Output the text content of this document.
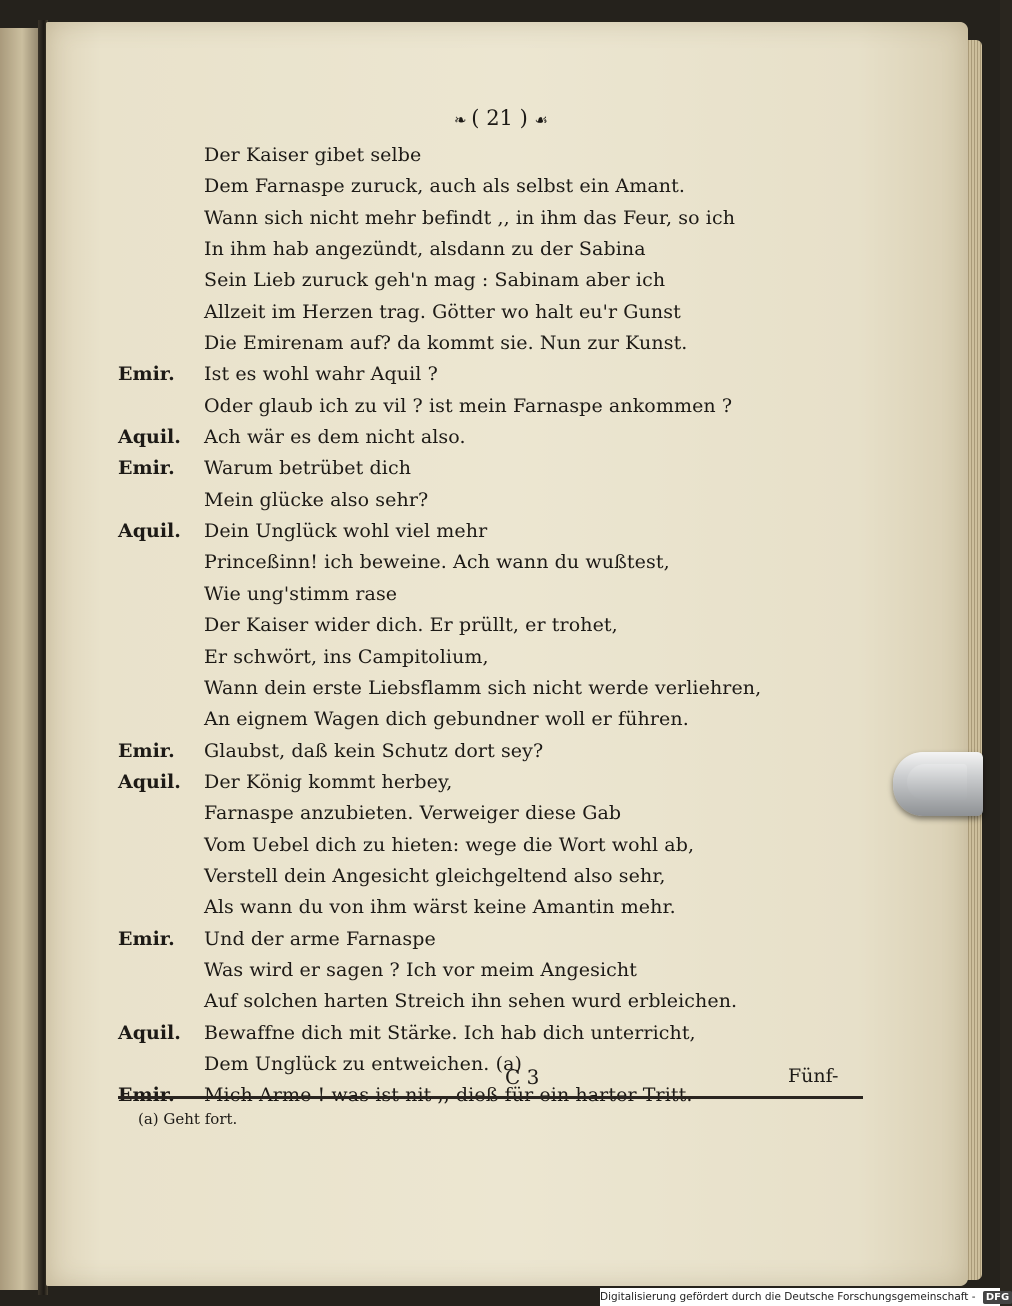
❧ ( 21 ) ☙
Der Kaiser gibet selbe
Dem Farnaspe zuruck, auch als selbst ein Amant.
Wann sich nicht mehr befindt ,, in ihm das Feur, so ich
In ihm hab angezündt, alsdann zu der Sabina
Sein Lieb zuruck geh'n mag : Sabinam aber ich
Allzeit im Herzen trag. Götter wo halt eu'r Gunst
Die Emirenam auf? da kommt sie. Nun zur Kunst.
Emir. Ist es wohl wahr Aquil ?
Oder glaub ich zu vil ? ist mein Farnaspe ankommen ?
Aquil. Ach wär es dem nicht also.
Emir. Warum betrübet dich
Mein glücke also sehr?
Aquil. Dein Unglück wohl viel mehr
Princeßinn! ich beweine. Ach wann du wußtest,
Wie ung'stimm rase
Der Kaiser wider dich. Er prüllt, er trohet,
Er schwört, ins Campitolium,
Wann dein erste Liebsflamm sich nicht werde verliehren,
An eignem Wagen dich gebundner woll er führen.
Emir. Glaubst, daß kein Schutz dort sey?
Aquil. Der König kommt herbey,
Farnaspe anzubieten. Verweiger diese Gab
Vom Uebel dich zu hieten: wege die Wort wohl ab,
Verstell dein Angesicht gleichgeltend also sehr,
Als wann du von ihm wärst keine Amantin mehr.
Emir. Und der arme Farnaspe
Was wird er sagen ? Ich vor meim Angesicht
Auf solchen harten Streich ihn sehen wurd erbleichen.
Aquil. Bewaffne dich mit Stärke. Ich hab dich unterricht,
Dem Unglück zu entweichen. (a)
C 3	Fünf-
(a) Geht fort.
Digitalisierung gefördert durch die Deutsche Forschungsgemeinschaft - DFG
